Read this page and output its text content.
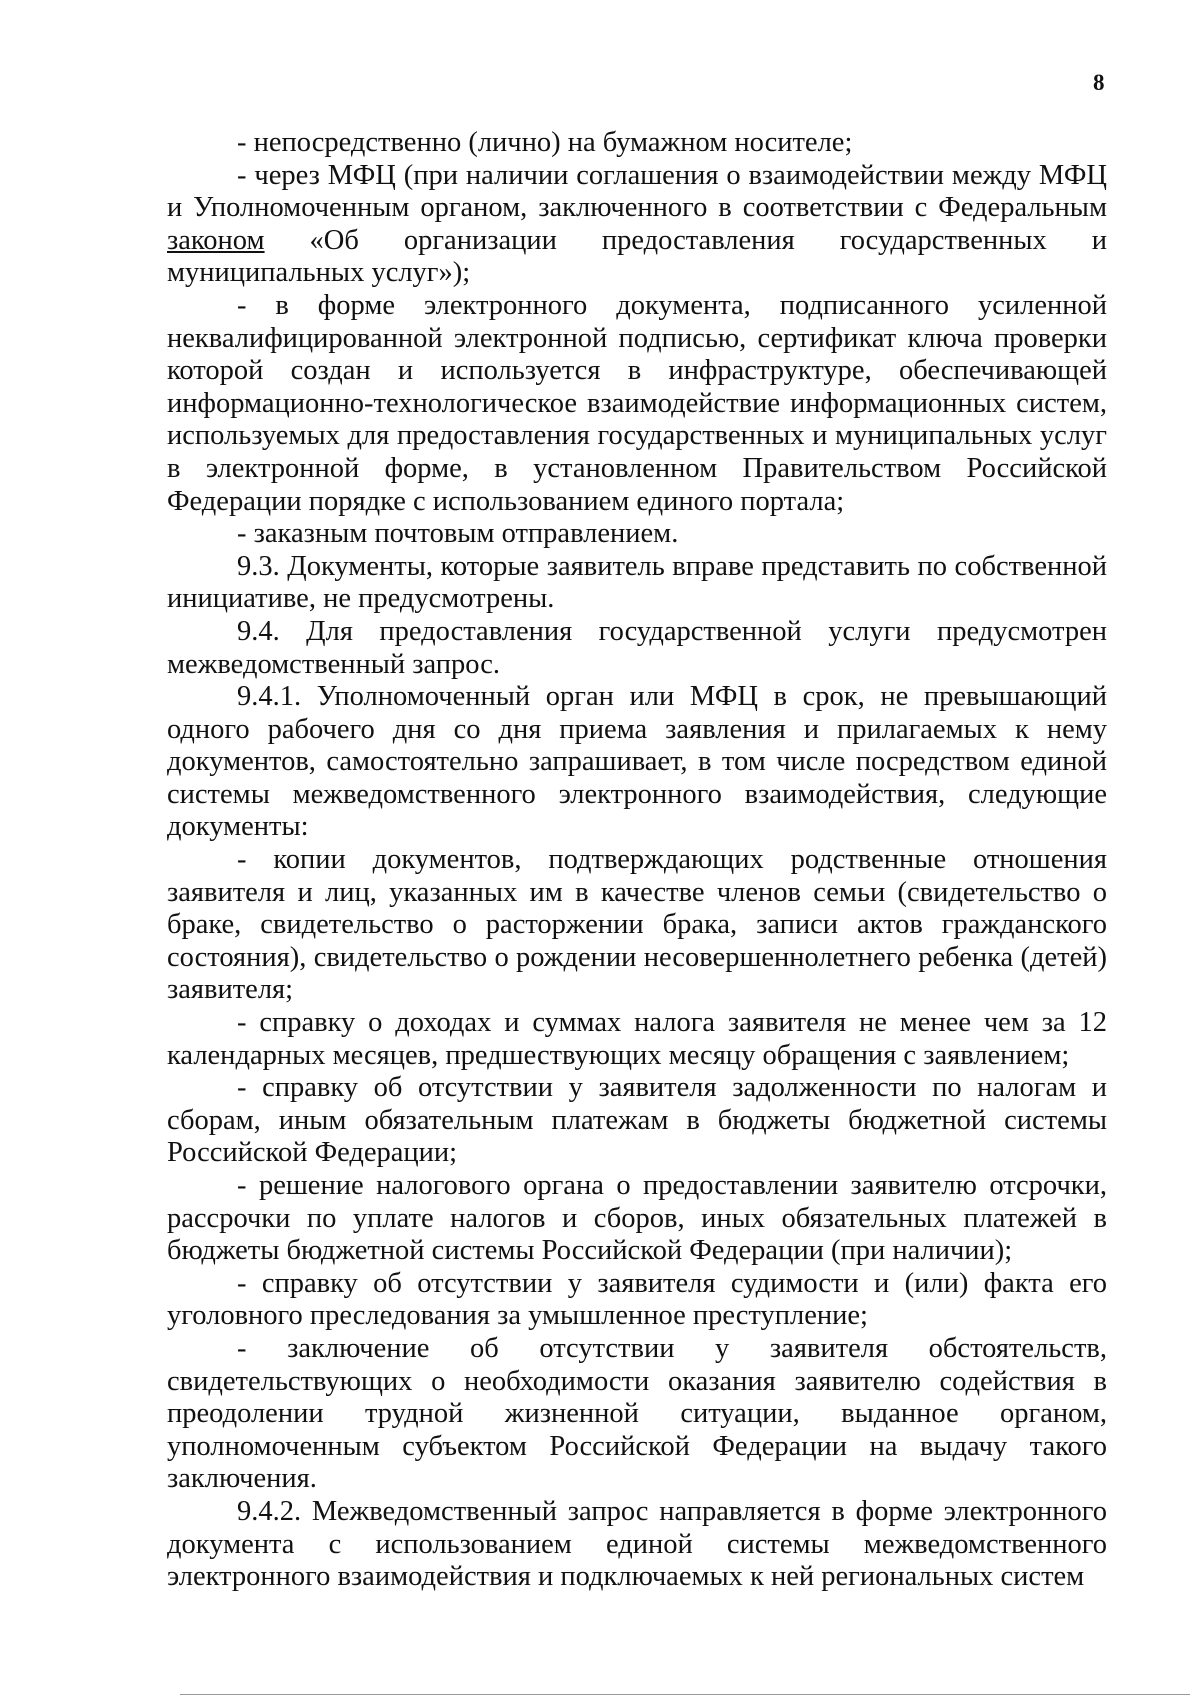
8

- непосредственно (лично) на бумажном носителе;

- через МФЦ (при наличии соглашения о взаимодействии между МФЦ и Уполномоченным органом, заключенного в соответствии с Федеральным законом «Об организации предоставления государственных и муниципальных услуг»);

- в форме электронного документа, подписанного усиленной неквалифицированной электронной подписью, сертификат ключа проверки которой создан и используется в инфраструктуре, обеспечивающей информационно-технологическое взаимодействие информационных систем, используемых для предоставления государственных и муниципальных услуг в электронной форме, в установленном Правительством Российской Федерации порядке с использованием единого портала;

- заказным почтовым отправлением.

9.3. Документы, которые заявитель вправе представить по собственной инициативе, не предусмотрены.

9.4. Для предоставления государственной услуги предусмотрен межведомственный запрос.

9.4.1. Уполномоченный орган или МФЦ в срок, не превышающий одного рабочего дня со дня приема заявления и прилагаемых к нему документов, самостоятельно запрашивает, в том числе посредством единой системы межведомственного электронного взаимодействия, следующие документы:

- копии документов, подтверждающих родственные отношения заявителя и лиц, указанных им в качестве членов семьи (свидетельство о браке, свидетельство о расторжении брака, записи актов гражданского состояния), свидетельство о рождении несовершеннолетнего ребенка (детей) заявителя;

- справку о доходах и суммах налога заявителя не менее чем за 12 календарных месяцев, предшествующих месяцу обращения с заявлением;

- справку об отсутствии у заявителя задолженности по налогам и сборам, иным обязательным платежам в бюджеты бюджетной системы Российской Федерации;

- решение налогового органа о предоставлении заявителю отсрочки, рассрочки по уплате налогов и сборов, иных обязательных платежей в бюджеты бюджетной системы Российской Федерации (при наличии);

- справку об отсутствии у заявителя судимости и (или) факта его уголовного преследования за умышленное преступление;

- заключение об отсутствии у заявителя обстоятельств, свидетельствующих о необходимости оказания заявителю содействия в преодолении трудной жизненной ситуации, выданное органом, уполномоченным субъектом Российской Федерации на выдачу такого заключения.

9.4.2. Межведомственный запрос направляется в форме электронного документа с использованием единой системы межведомственного электронного взаимодействия и подключаемых к ней региональных систем
